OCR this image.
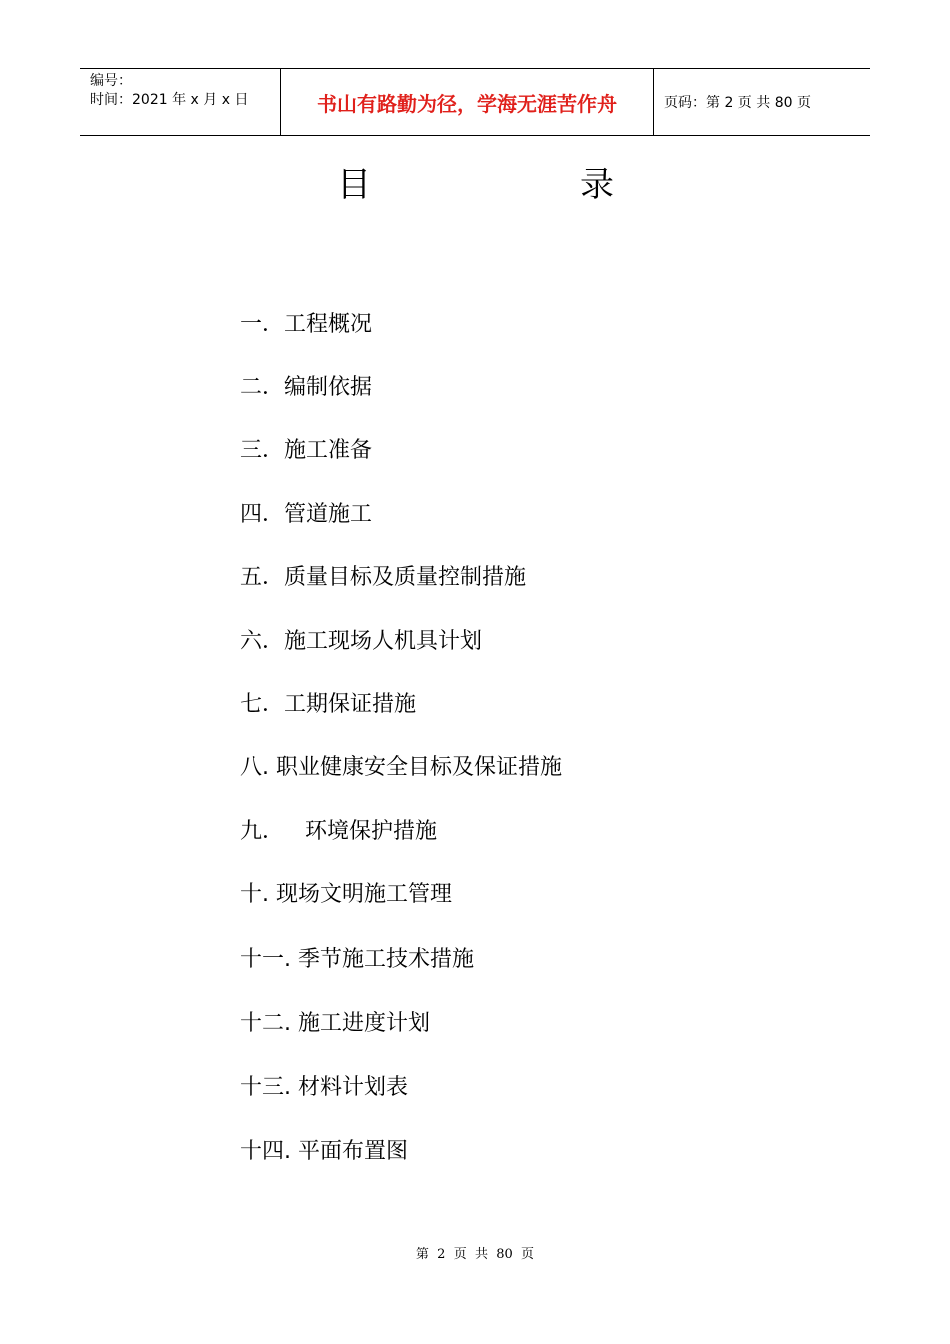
编号：
时间：2021 年 x 月 x 日	书山有路勤为径，学海无涯苦作舟	页码：第 2 页 共 80 页
目	录
一．工程概况
二．编制依据
三．施工准备
四．管道施工
五．质量目标及质量控制措施
六．施工现场人机具计划
七．工期保证措施
八. 职业健康安全目标及保证措施
九．   环境保护措施
十. 现场文明施工管理
十一. 季节施工技术措施
十二. 施工进度计划
十三. 材料计划表
十四. 平面布置图
第  2  页  共  80  页
